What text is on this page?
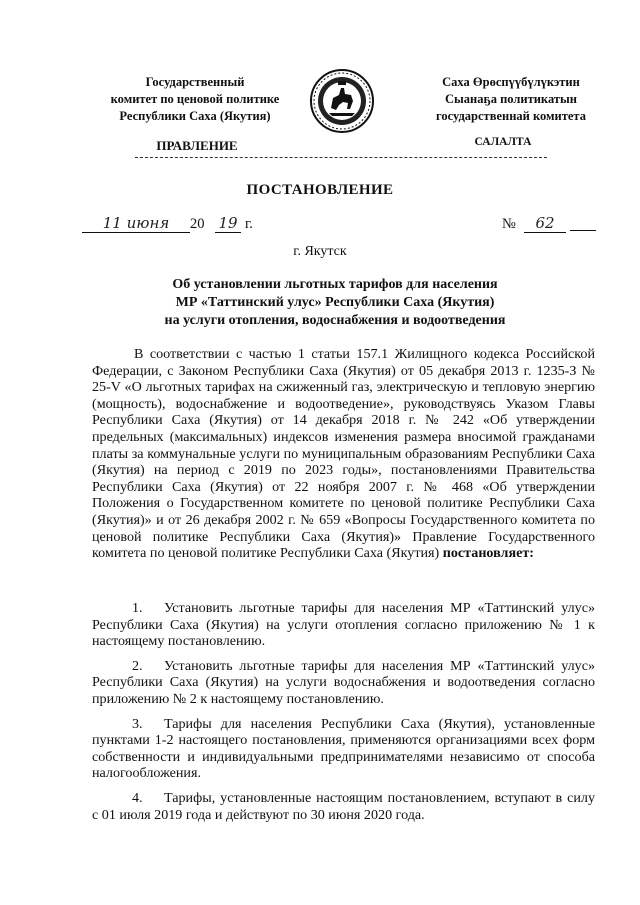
Государственный
комитет по ценовой политике
Республики Саха (Якутия)
Саха Өрөспүүбүлүкэтин
Сыанаҕа политикатын
государственнай комитета
ПРАВЛЕНИЕ	САЛАЛТА
ПОСТАНОВЛЕНИЕ
11 июня	20 19 г.	№	62
г. Якутск
Об установлении льготных тарифов для населения
МР «Таттинский улус» Республики Саха (Якутия)
на услуги отопления, водоснабжения и водоотведения
В соответствии с частью 1 статьи 157.1 Жилищного кодекса Российской Федерации, с Законом Республики Саха (Якутия) от 05 декабря 2013 г. 1235-З № 25-V «О льготных тарифах на сжиженный газ, электрическую и тепловую энергию (мощность), водоснабжение и водоотведение», руководствуясь Указом Главы Республики Саха (Якутия) от 14 декабря 2018 г. № 242 «Об утверждении предельных (максимальных) индексов изменения размера вносимой гражданами платы за коммунальные услуги по муниципальным образованиям Республики Саха (Якутия) на период с 2019 по 2023 годы», постановлениями Правительства Республики Саха (Якутия) от 22 ноября 2007 г. № 468 «Об утверждении Положения о Государственном комитете по ценовой политике Республики Саха (Якутия)» и от 26 декабря 2002 г. № 659 «Вопросы Государственного комитета по ценовой политике Республики Саха (Якутия)» Правление Государственного комитета по ценовой политике Республики Саха (Якутия) постановляет:

1. Установить льготные тарифы для населения МР «Таттинский улус» Республики Саха (Якутия) на услуги отопления согласно приложению № 1 к настоящему постановлению.

2. Установить льготные тарифы для населения МР «Таттинский улус» Республики Саха (Якутия) на услуги водоснабжения и водоотведения согласно приложению № 2 к настоящему постановлению.

3. Тарифы для населения Республики Саха (Якутия), установленные пунктами 1-2 настоящего постановления, применяются организациями всех форм собственности и индивидуальными предпринимателями независимо от способа налогообложения.

4. Тарифы, установленные настоящим постановлением, вступают в силу с 01 июля 2019 года и действуют по 30 июня 2020 года.
